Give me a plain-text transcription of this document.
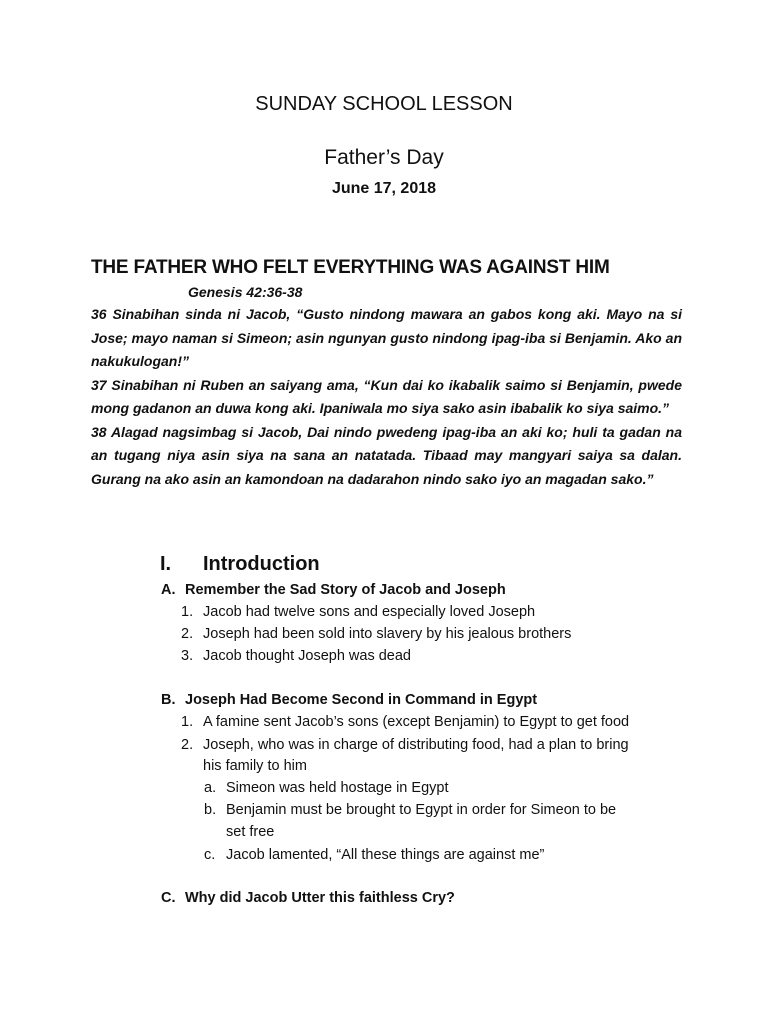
SUNDAY SCHOOL LESSON
Father’s Day
June 17, 2018
THE FATHER WHO FELT EVERYTHING WAS AGAINST HIM
Genesis 42:36-38

36 Sinabihan sinda ni Jacob, “Gusto nindong mawara an gabos kong aki. Mayo na si Jose; mayo naman si Simeon; asin ngunyan gusto nindong ipag-iba si Benjamin. Ako an nakukulogan!”

37 Sinabihan ni Ruben an saiyang ama, “Kun dai ko ikabalik saimo si Benjamin, pwede mong gadanon an duwa kong aki. Ipaniwala mo siya sako asin ibabalik ko siya saimo.”

38 Alagad nagsimbag si Jacob, Dai nindo pwedeng ipag-iba an aki ko; huli ta gadan na an tugang niya asin siya na sana an natatada. Tibaad may mangyari saiya sa dalan. Gurang na ako asin an kamondoan na dadarahon nindo sako iyo an magadan sako.”

I. Introduction
A. Remember the Sad Story of Jacob and Joseph
1. Jacob had twelve sons and especially loved Joseph
2. Joseph had been sold into slavery by his jealous brothers
3. Jacob thought Joseph was dead
B. Joseph Had Become Second in Command in Egypt
1. A famine sent Jacob’s sons (except Benjamin) to Egypt to get food
2. Joseph, who was in charge of distributing food, had a plan to bring
his family to him
a. Simeon was held hostage in Egypt
b. Benjamin must be brought to Egypt in order for Simeon to be
set free
c. Jacob lamented, “All these things are against me”
C. Why did Jacob Utter this faithless Cry?
